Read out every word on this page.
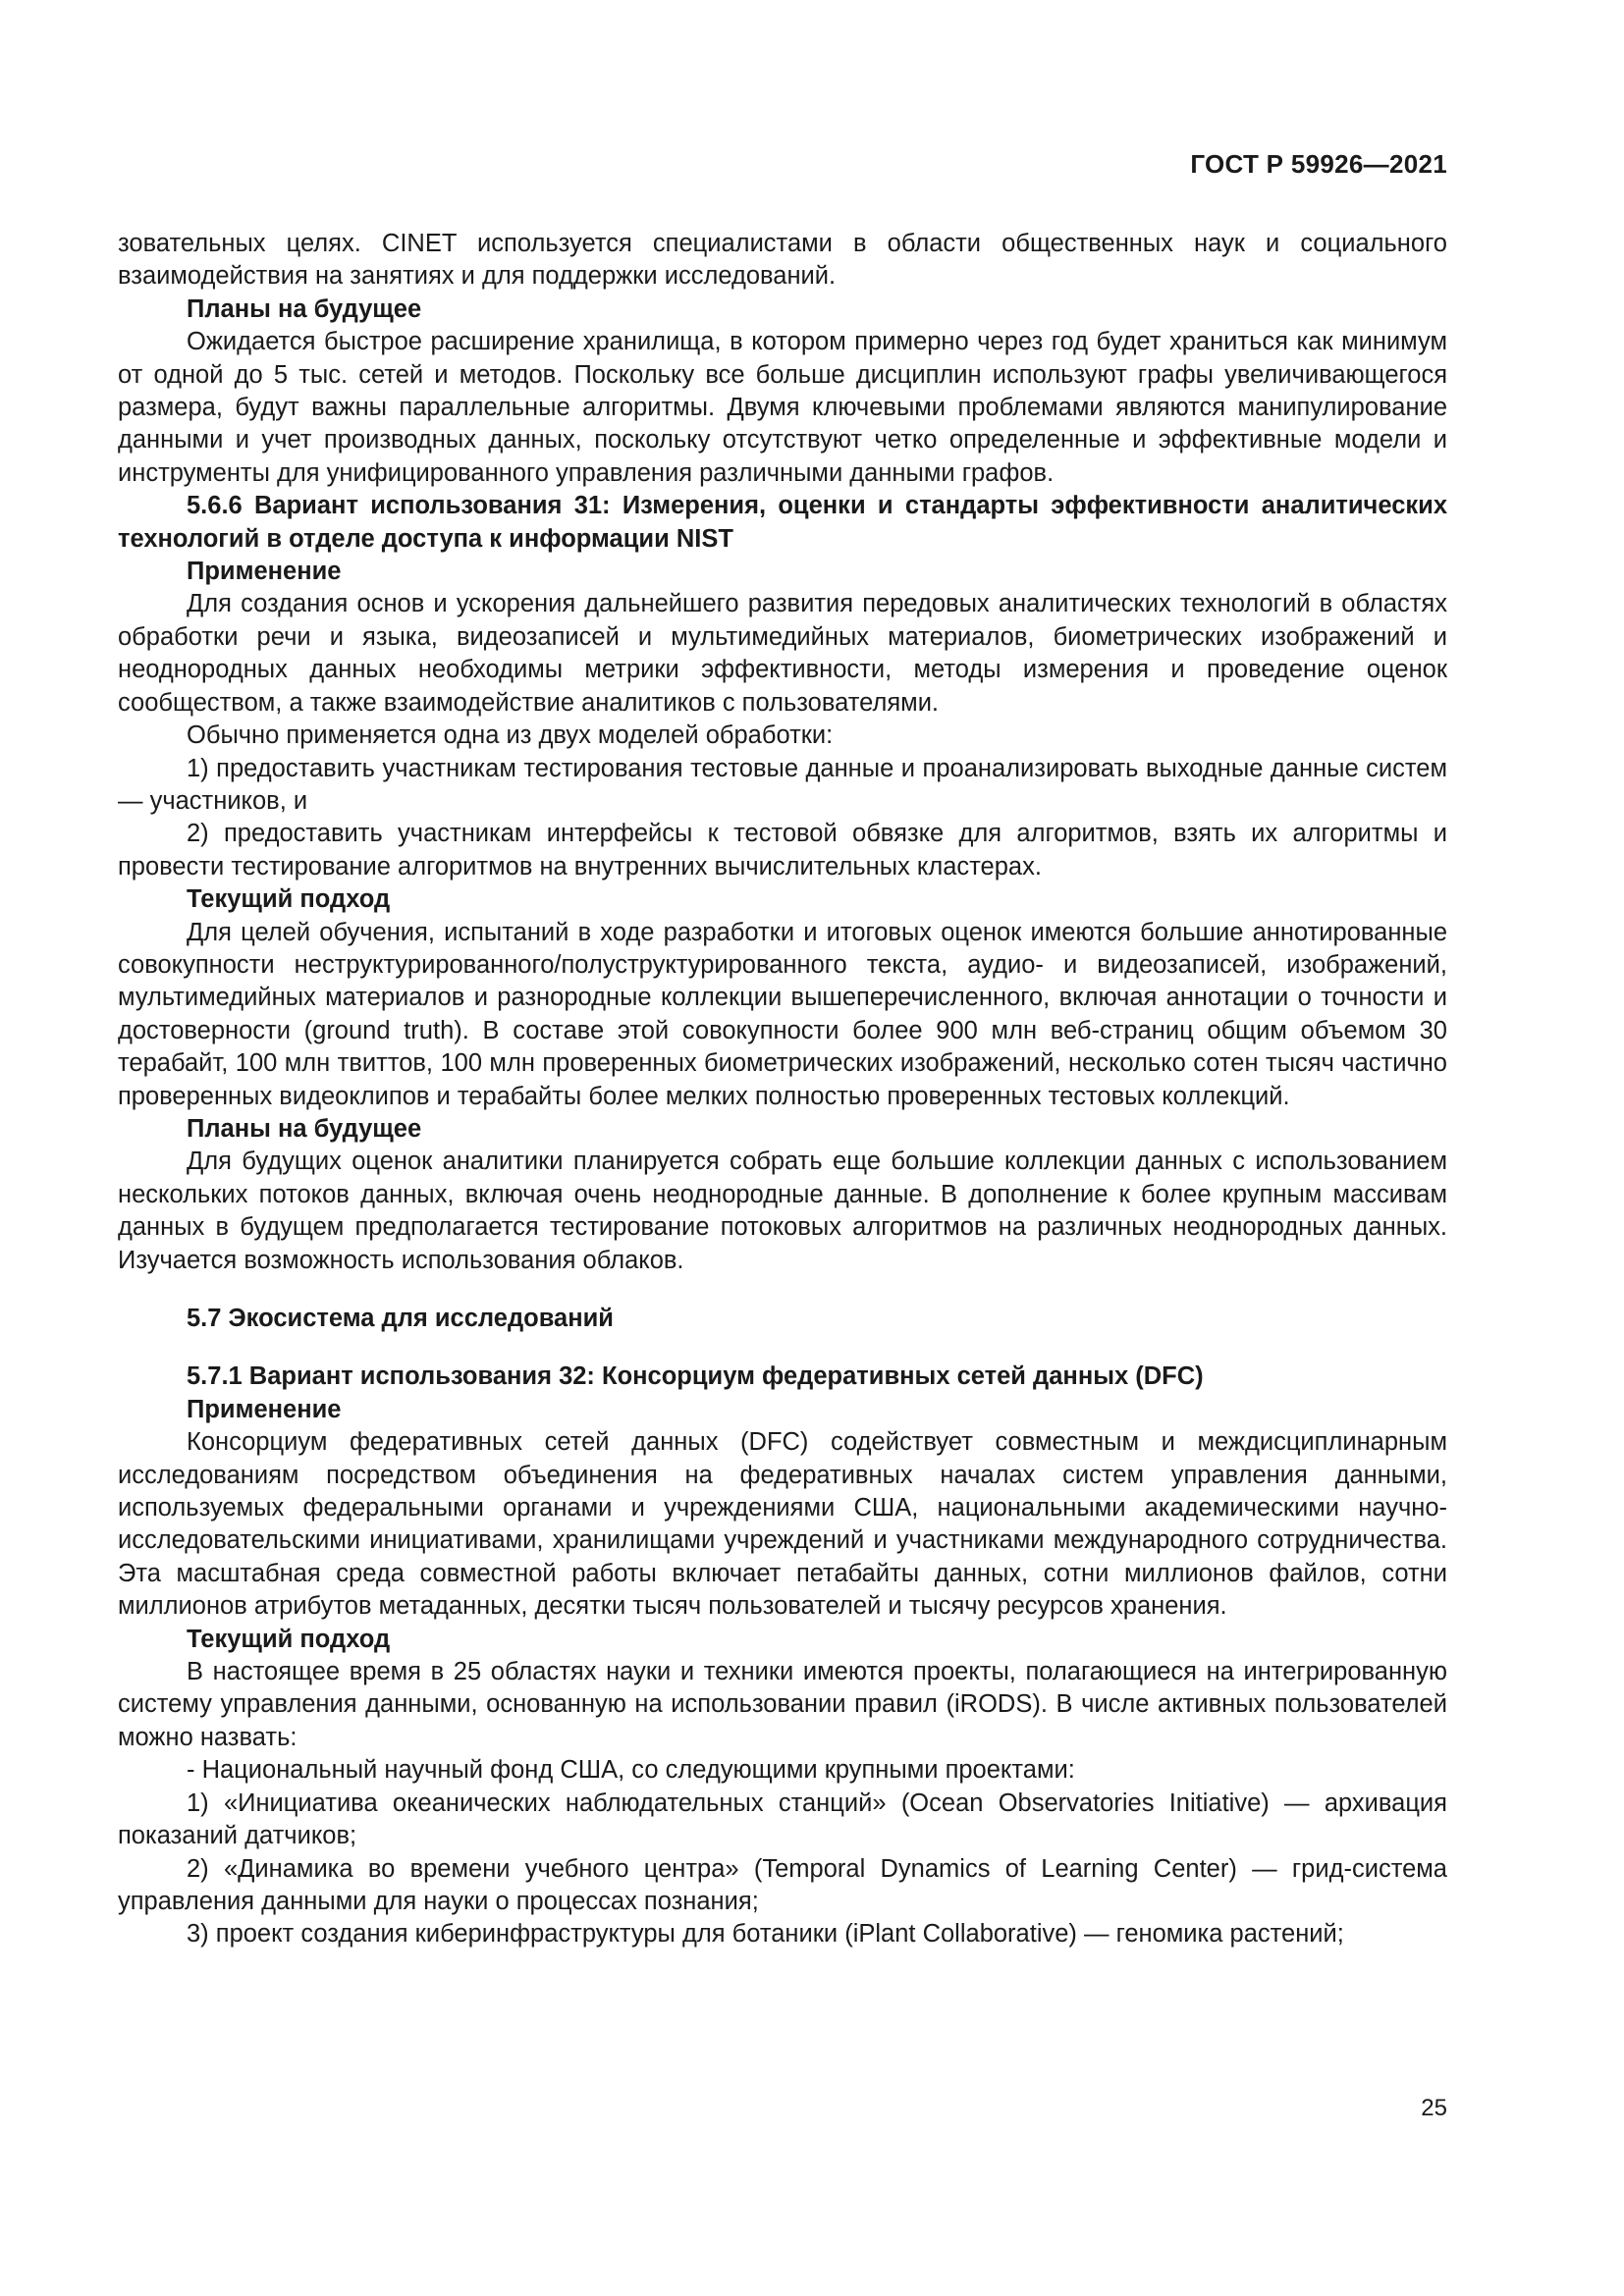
ГОСТ Р 59926—2021

зовательных целях. CINET используется специалистами в области общественных наук и социального взаимодействия на занятиях и для поддержки исследований.

Планы на будущее

Ожидается быстрое расширение хранилища, в котором примерно через год будет храниться как минимум от одной до 5 тыс. сетей и методов. Поскольку все больше дисциплин используют графы увеличивающегося размера, будут важны параллельные алгоритмы. Двумя ключевыми проблемами являются манипулирование данными и учет производных данных, поскольку отсутствуют четко определенные и эффективные модели и инструменты для унифицированного управления различными данными графов.

5.6.6 Вариант использования 31: Измерения, оценки и стандарты эффективности аналитических технологий в отделе доступа к информации NIST

Применение

Для создания основ и ускорения дальнейшего развития передовых аналитических технологий в областях обработки речи и языка, видеозаписей и мультимедийных материалов, биометрических изображений и неоднородных данных необходимы метрики эффективности, методы измерения и проведение оценок сообществом, а также взаимодействие аналитиков с пользователями.

Обычно применяется одна из двух моделей обработки:

1) предоставить участникам тестирования тестовые данные и проанализировать выходные данные систем — участников, и

2) предоставить участникам интерфейсы к тестовой обвязке для алгоритмов, взять их алгоритмы и провести тестирование алгоритмов на внутренних вычислительных кластерах.

Текущий подход

Для целей обучения, испытаний в ходе разработки и итоговых оценок имеются большие аннотированные совокупности неструктурированного/полуструктурированного текста, аудио- и видеозаписей, изображений, мультимедийных материалов и разнородные коллекции вышеперечисленного, включая аннотации о точности и достоверности (ground truth). В составе этой совокупности более 900 млн веб-страниц общим объемом 30 терабайт, 100 млн твиттов, 100 млн проверенных биометрических изображений, несколько сотен тысяч частично проверенных видеоклипов и терабайты более мелких полностью проверенных тестовых коллекций.

Планы на будущее

Для будущих оценок аналитики планируется собрать еще большие коллекции данных с использованием нескольких потоков данных, включая очень неоднородные данные. В дополнение к более крупным массивам данных в будущем предполагается тестирование потоковых алгоритмов на различных неоднородных данных. Изучается возможность использования облаков.

5.7 Экосистема для исследований

5.7.1 Вариант использования 32: Консорциум федеративных сетей данных (DFC)

Применение

Консорциум федеративных сетей данных (DFC) содействует совместным и междисциплинарным исследованиям посредством объединения на федеративных началах систем управления данными, используемых федеральными органами и учреждениями США, национальными академическими научно-исследовательскими инициативами, хранилищами учреждений и участниками международного сотрудничества. Эта масштабная среда совместной работы включает петабайты данных, сотни миллионов файлов, сотни миллионов атрибутов метаданных, десятки тысяч пользователей и тысячу ресурсов хранения.

Текущий подход

В настоящее время в 25 областях науки и техники имеются проекты, полагающиеся на интегрированную систему управления данными, основанную на использовании правил (iRODS). В числе активных пользователей можно назвать:

- Национальный научный фонд США, со следующими крупными проектами:

1) «Инициатива океанических наблюдательных станций» (Ocean Observatories Initiative) — архивация показаний датчиков;

2) «Динамика во времени учебного центра» (Temporal Dynamics of Learning Center) — грид-система управления данными для науки о процессах познания;

3) проект создания киберинфраструктуры для ботаники (iPlant Collaborative) — геномика растений;

25
